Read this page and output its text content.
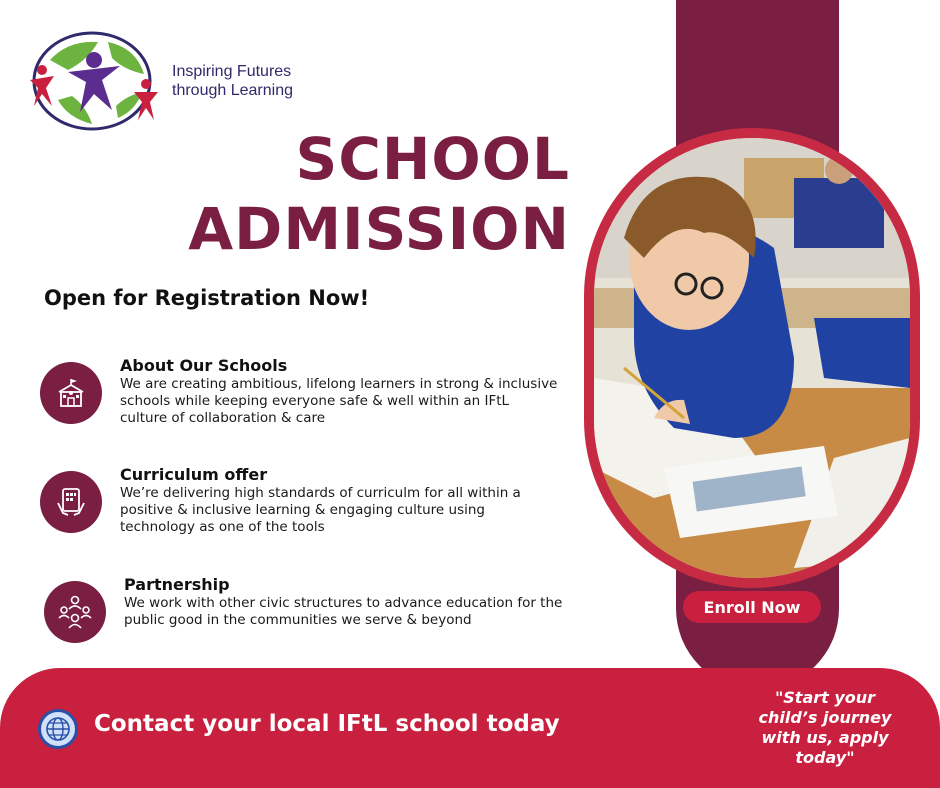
Inspiring Futures
through Learning
SCHOOL
ADMISSION
Open for Registration Now!
About Our Schools
We are creating ambitious, lifelong learners in strong & inclusive schools while keeping everyone safe & well within an IFtL culture of collaboration & care
Curriculum offer
We’re delivering high standards of curriculm for all within a positive & inclusive learning & engaging culture using technology as one of the tools
Partnership
We work with other civic structures to advance education for the public good in the communities we serve & beyond
Enroll Now
Contact your local IFtL school today
"Start your child’s journey with us, apply today"
